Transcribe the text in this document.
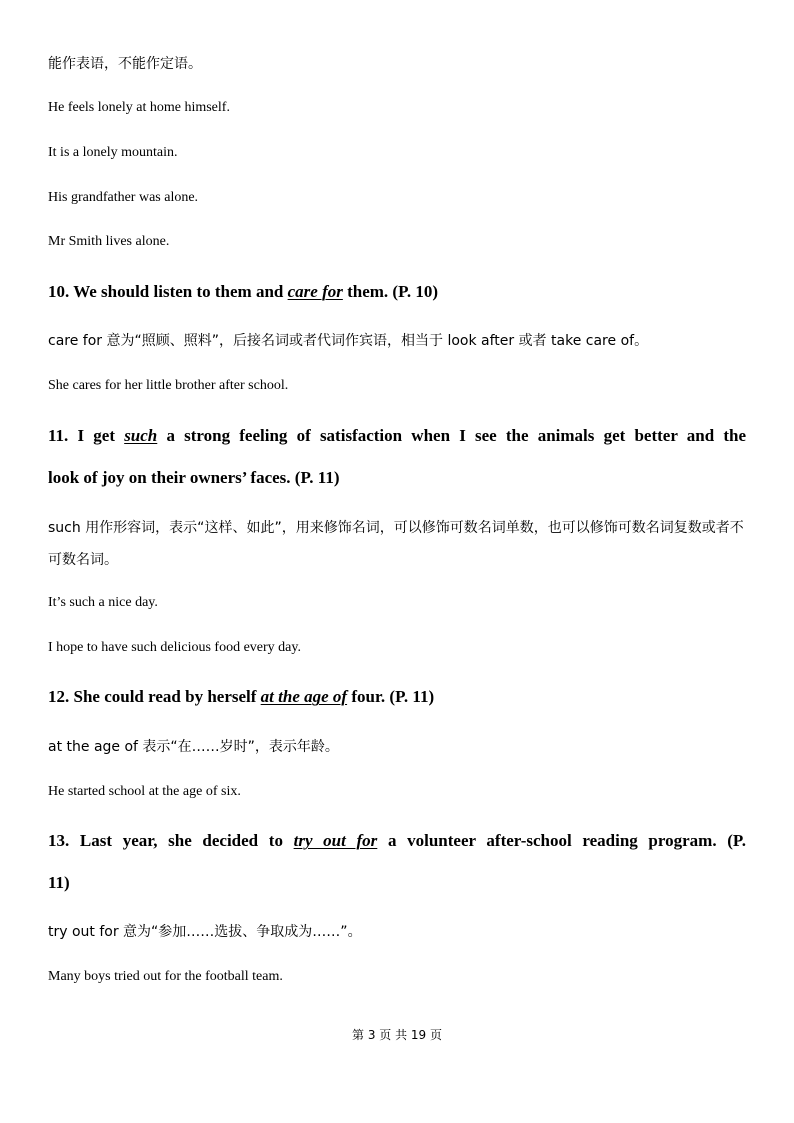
能作表语，不能作定语。
He feels lonely at home himself.
It is a lonely mountain.
His grandfather was alone.
Mr Smith lives alone.
10. We should listen to them and care for them. (P. 10)
care for 意为“照顾、照料”，后接名词或者代词作宾语，相当于 look after 或者 take care of。
She cares for her little brother after school.
11. I get such a strong feeling of satisfaction when I see the animals get better and the
look of joy on their owners’ faces. (P. 11)
such 用作形容词，表示“这样、如此”，用来修饰名词，可以修饰可数名词单数，也可以修饰可数名词复数或者不可数名词。
It’s such a nice day.
I hope to have such delicious food every day.
12. She could read by herself at the age of four. (P. 11)
at the age of 表示“在……岁时”，表示年龄。
He started school at the age of six.
13. Last year, she decided to try out for a volunteer after-school reading program. (P.
11)
try out for 意为“参加……选拔、争取成为……”。
Many boys tried out for the football team.
第 3 页 共 19 页
